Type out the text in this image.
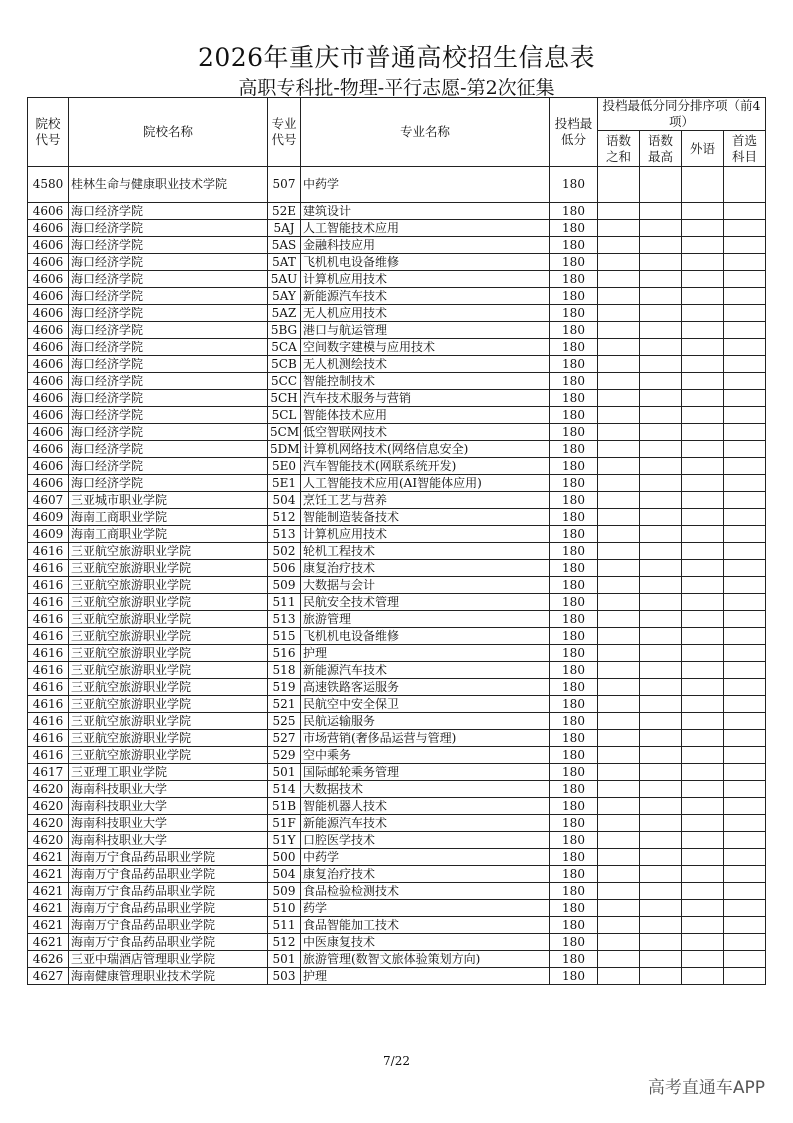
2026年重庆市普通高校招生信息表
高职专科批-物理-平行志愿-第2次征集
院校代号	院校名称	专业代号	专业名称	投档最低分	投档最低分同分排序项（前4项）			

					语数之和	语数最高	外语	首选科目
4580	桂林生命与健康职业技术学院	507	中药学	180				
4606	海口经济学院	52E	建筑设计	180				
4606	海口经济学院	5AJ	人工智能技术应用	180				
4606	海口经济学院	5AS	金融科技应用	180				
4606	海口经济学院	5AT	飞机机电设备维修	180				
4606	海口经济学院	5AU	计算机应用技术	180				
4606	海口经济学院	5AY	新能源汽车技术	180				
4606	海口经济学院	5AZ	无人机应用技术	180				
4606	海口经济学院	5BG	港口与航运管理	180				
4606	海口经济学院	5CA	空间数字建模与应用技术	180				
4606	海口经济学院	5CB	无人机测绘技术	180				
4606	海口经济学院	5CC	智能控制技术	180				
4606	海口经济学院	5CH	汽车技术服务与营销	180				
4606	海口经济学院	5CL	智能体技术应用	180				
4606	海口经济学院	5CM	低空智联网技术	180				
4606	海口经济学院	5DM	计算机网络技术(网络信息安全)	180				
4606	海口经济学院	5E0	汽车智能技术(网联系统开发)	180				
4606	海口经济学院	5E1	人工智能技术应用(AI智能体应用)	180				
4607	三亚城市职业学院	504	烹饪工艺与营养	180				
4609	海南工商职业学院	512	智能制造装备技术	180				
4609	海南工商职业学院	513	计算机应用技术	180				
4616	三亚航空旅游职业学院	502	轮机工程技术	180				
4616	三亚航空旅游职业学院	506	康复治疗技术	180				
4616	三亚航空旅游职业学院	509	大数据与会计	180				
4616	三亚航空旅游职业学院	511	民航安全技术管理	180				
4616	三亚航空旅游职业学院	513	旅游管理	180				
4616	三亚航空旅游职业学院	515	飞机机电设备维修	180				
4616	三亚航空旅游职业学院	516	护理	180				
4616	三亚航空旅游职业学院	518	新能源汽车技术	180				
4616	三亚航空旅游职业学院	519	高速铁路客运服务	180				
4616	三亚航空旅游职业学院	521	民航空中安全保卫	180				
4616	三亚航空旅游职业学院	525	民航运输服务	180				
4616	三亚航空旅游职业学院	527	市场营销(奢侈品运营与管理)	180				
4616	三亚航空旅游职业学院	529	空中乘务	180				
4617	三亚理工职业学院	501	国际邮轮乘务管理	180				
4620	海南科技职业大学	514	大数据技术	180				
4620	海南科技职业大学	51B	智能机器人技术	180				
4620	海南科技职业大学	51F	新能源汽车技术	180				
4620	海南科技职业大学	51Y	口腔医学技术	180				
4621	海南万宁食品药品职业学院	500	中药学	180				
4621	海南万宁食品药品职业学院	504	康复治疗技术	180				
4621	海南万宁食品药品职业学院	509	食品检验检测技术	180				
4621	海南万宁食品药品职业学院	510	药学	180				
4621	海南万宁食品药品职业学院	511	食品智能加工技术	180				
4621	海南万宁食品药品职业学院	512	中医康复技术	180				
4626	三亚中瑞酒店管理职业学院	501	旅游管理(数智文旅体验策划方向)	180				
4627	海南健康管理职业技术学院	503	护理	180				
7/22
高考直通车APP
